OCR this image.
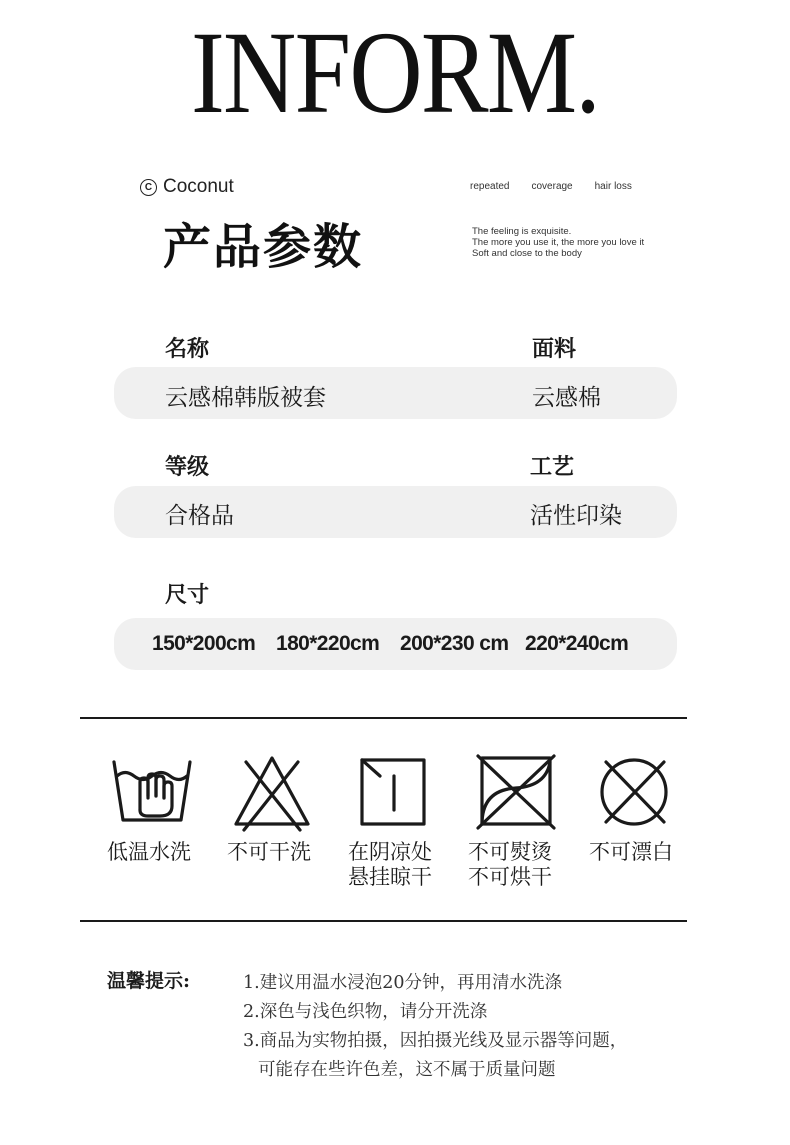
INFORM.
C Coconut
产品参数
repeated coverage hair loss
The feeling is exquisite.
The more you use it, the more you love it
Soft and close to the body
名称	面料
云感棉韩版被套	云感棉
等级	工艺
合格品	活性印染
尺寸
150*200cm 180*220cm 200*230 cm 220*240cm
低温水洗	不可干洗	在阴凉处
悬挂晾干
不可熨烫
不可烘干
不可漂白
温馨提示:	1.建议用温水浸泡20分钟，再用清水洗涤
2.深色与浅色织物，请分开洗涤
3.商品为实物拍摄，因拍摄光线及显示器等问题，
可能存在些许色差，这不属于质量问题
